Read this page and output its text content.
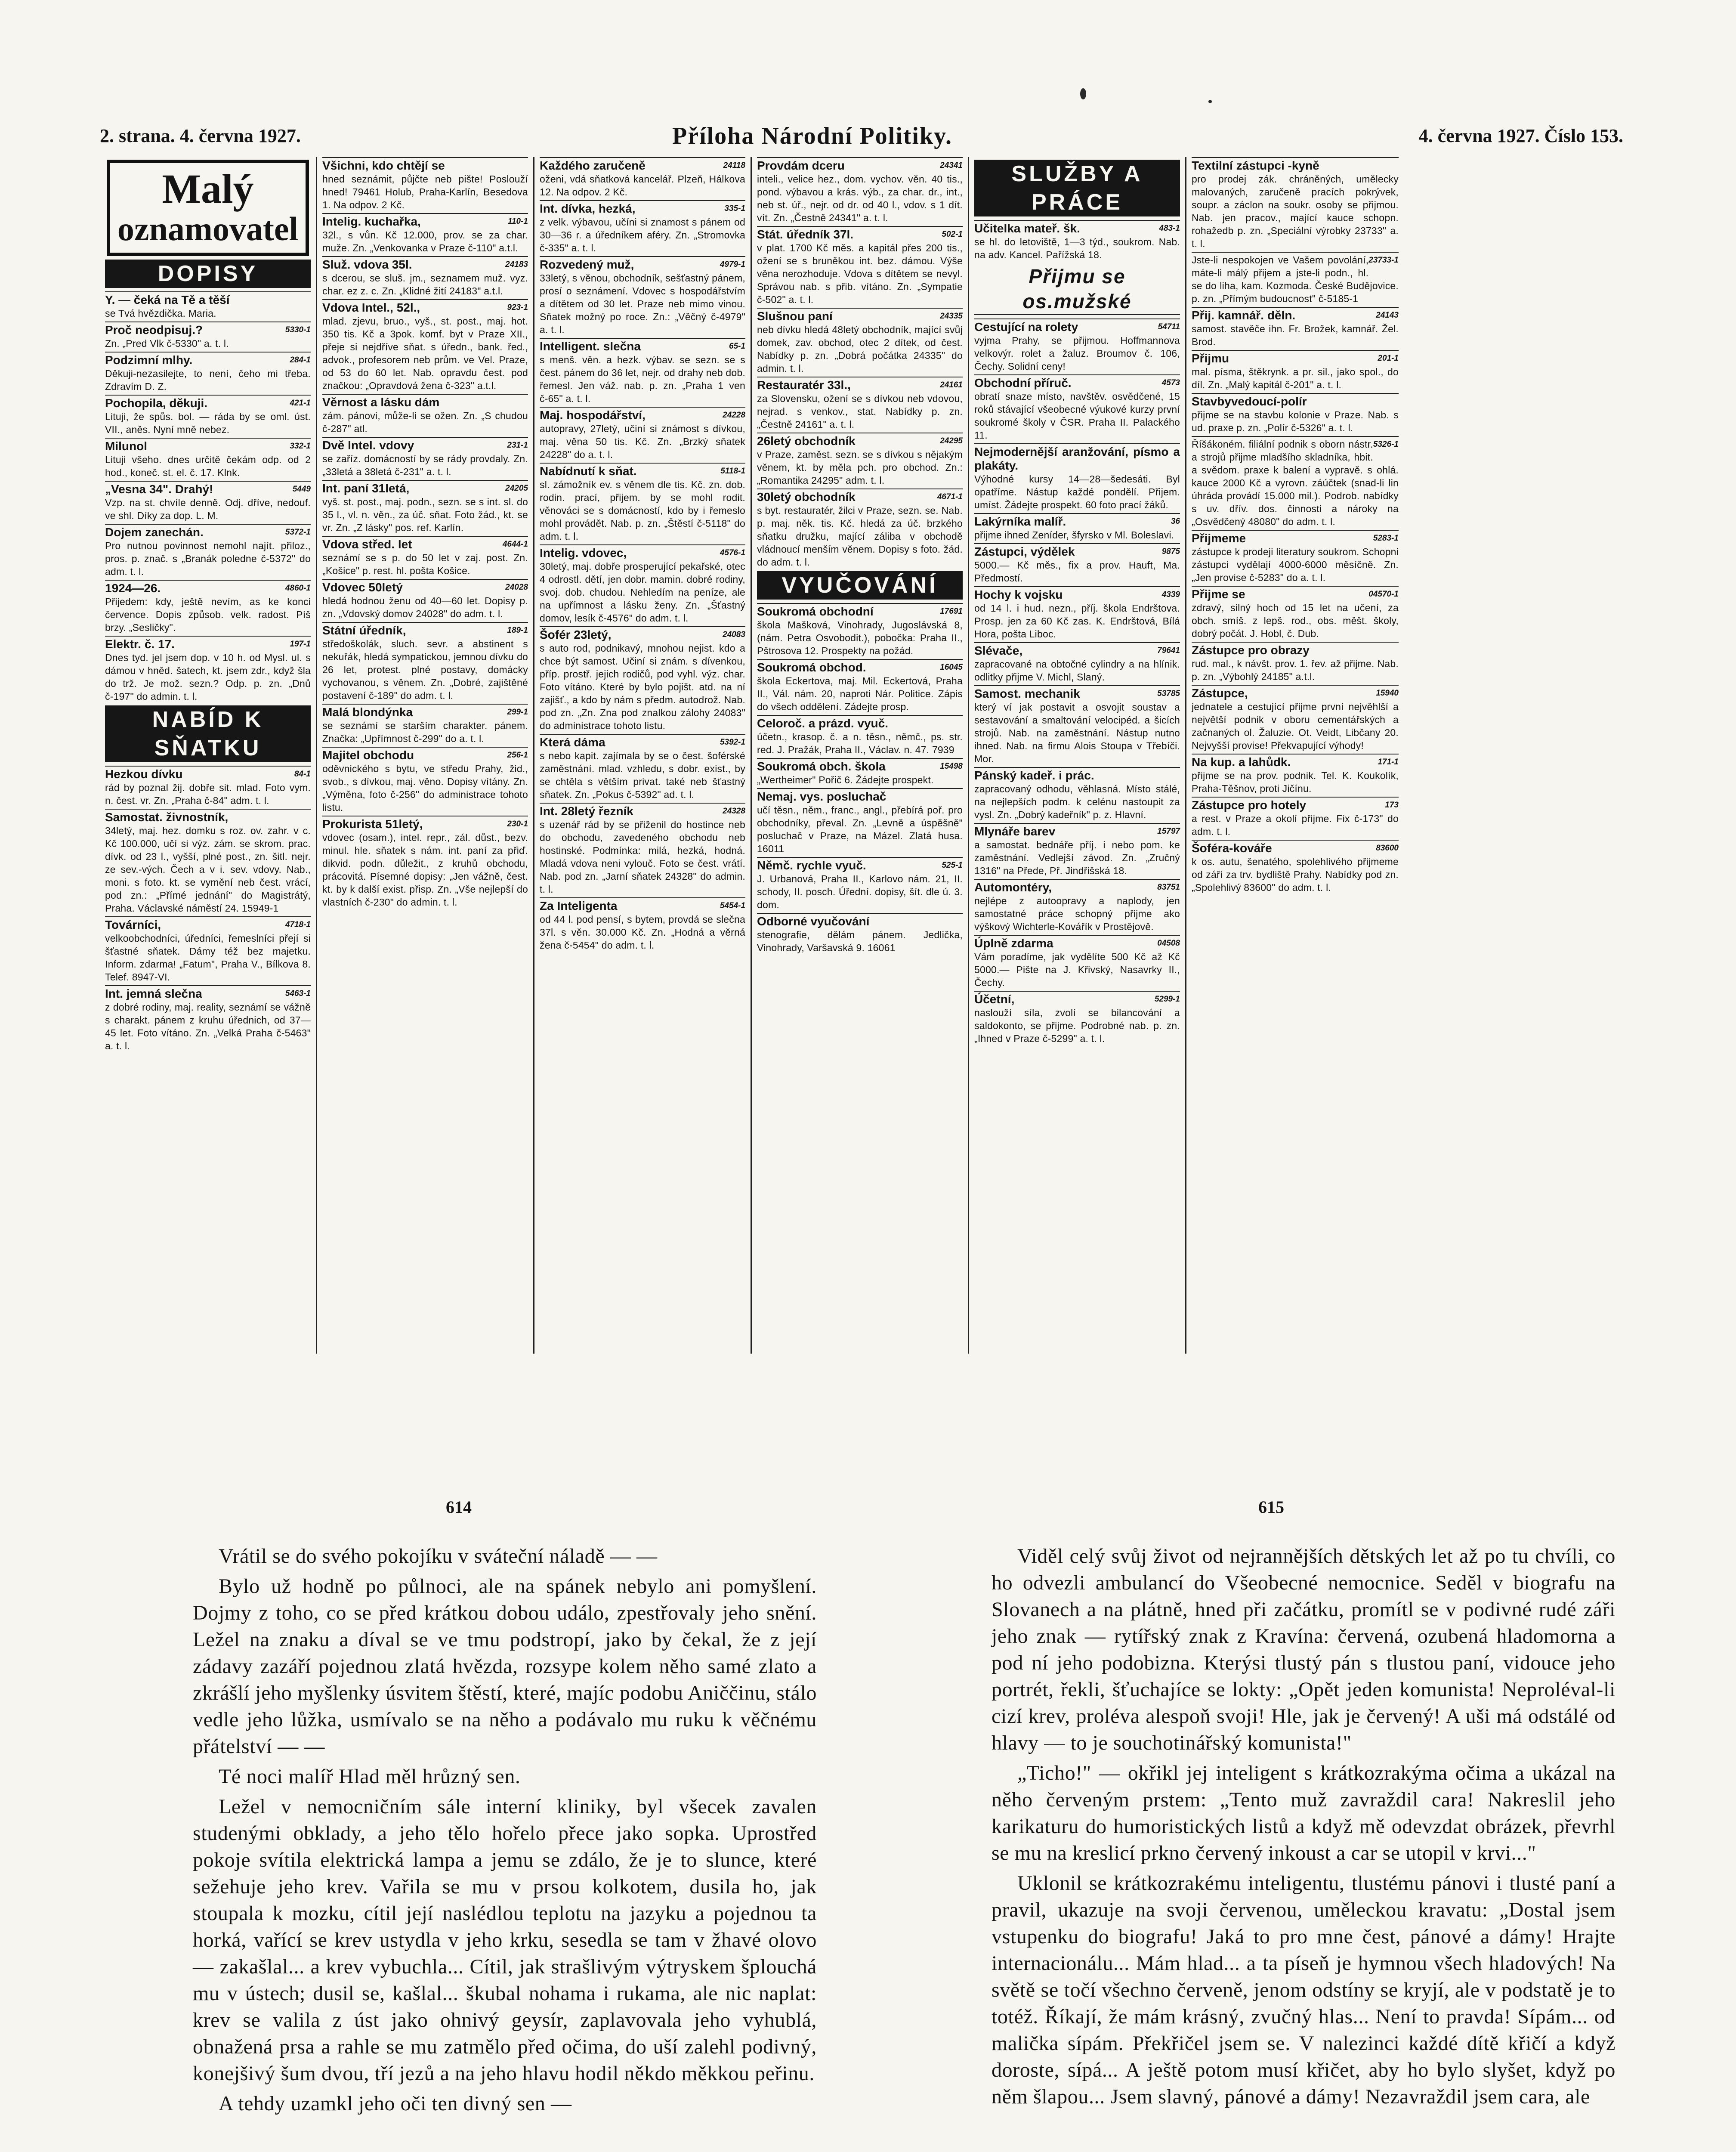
2. strana. 4. června 1927.	Příloha Národní Politiky.	4. června 1927. Číslo 153.
Malý
oznamovatel
DOPISY
Y. — čeká na Tě a těší
se Tvá hvězdička. Maria.
Proč neodpisuj.?	5330-1
Zn. „Pred Vlk č-5330" a. t. l.
Podzimní mlhy.	284-1
Děkuji-nezasilejte, to není, čeho mi třeba. Zdravím D. Z.
Pochopila, děkuji.	421-1
Lituji, že spůs. bol. — ráda by se oml. úst. VII., aněs. Nyní mně nebez.
Milunol	332-1
Lituji všeho. dnes určitě čekám odp. od 2 hod., koneč. st. el. č. 17. Klnk.
„Vesna 34". Drahý!	5449
Vzp. na st. chvíle denně. Odj. dříve, nedouf. ve shl. Díky za dop. L. M.
Dojem zanechán.	5372-1
Pro nutnou povinnost nemohl najít. přiloz., pros. p. znač. s „Branák poledne č-5372" do adm. t. l.
1924—26.	4860-1
Přijedem: kdy, ještě nevím, as ke konci července. Dopis způsob. velk. radost. Píš brzy. „Sesličky".
Elektr. č. 17.	197-1
Dnes tyd. jel jsem dop. v 10 h. od Mysl. ul. s dámou v hněd. šatech, kt. jsem zdr., když šla do trž. Je mož. sezn.? Odp. p. zn. „Dnů č-197" do admin. t. l.
NABÍD K SŇATKU
Hezkou dívku	84-1
rád by poznal žij. dobře sit. mlad. Foto vym. n. čest. vr. Zn. „Praha č-84" adm. t. l.
Samostat. živnostník,
34letý, maj. hez. domku s roz. ov. zahr. v c. Kč 100.000, učí si výz. zám. se skrom. prac. dívk. od 23 l., vyšší, plné post., zn. šitl. nejr. ze sev.-vých. Čech a v i. sev. vdovy. Nab., moni. s foto. kt. se vymění neb čest. vrácí, pod zn.: „Přímé jednání" do Magistrátý, Praha. Václavské náměstí 24. 15949-1
Továrníci,	4718-1
velkoobchodníci, úředníci, řemeslníci přejí si šťastné sňatek. Dámy též bez majetku. Inform. zdarma! „Fatum", Praha V., Bílkova 8. Telef. 8947-VI.
Int. jemná slečna	5463-1
z dobré rodiny, maj. reality, seznámí se vážně s charakt. pánem z kruhu úřednich, od 37—45 let. Foto vítáno. Zn. „Velká Praha č-5463" a. t. l.
Všichni, kdo chtějí se
hned seznámit, půjčte neb pište! Poslouží hned! 79461 Holub, Praha-Karlín, Besedova 1. Na odpov. 2 Kč.
Intelig. kuchařka,	110-1
32l., s vůn. Kč 12.000, prov. se za char. muže. Zn. „Venkovanka v Praze č-110" a.t.l.
Služ. vdova 35l.	24183
s dcerou, se sluš. jm., seznamem muž. vyz. char. ez z. c. Zn. „Klidné žití 24183" a.t.l.
Vdova Intel., 52l.,	923-1
mlad. zjevu, bruo., vyš., st. post., maj. hot. 350 tis. Kč a 3pok. komf. byt v Praze XII., přeje si nejdříve sňat. s úředn., bank. řed., advok., profesorem neb prům. ve Vel. Praze, od 53 do 60 let. Nab. opravdu čest. pod značkou: „Opravdová žena č-323" a.t.l.
Věrnost a lásku dám
zám. pánovi, může-li se ožen. Zn. „S chudou č-287" atl.
Dvě Intel. vdovy	231-1
se zaříz. domácností by se rády provdaly. Zn. „33letá a 38letá č-231" a. t. l.
Int. paní 31letá,	24205
vyš. st. post., maj. podn., sezn. se s int. sl. do 35 l., vl. n. věn., za úč. sňat. Foto žád., kt. se vr. Zn. „Z lásky" pos. ref. Karlín.
Vdova střed. let	4644-1
seznámí se s p. do 50 let v zaj. post. Zn. „Košice" p. rest. hl. pošta Košice.
Vdovec 50letý	24028
hledá hodnou ženu od 40—60 let. Dopisy p. zn. „Vdovský domov 24028" do adm. t. l.
Státní úředník,	189-1
středoškolák, sluch. sevr. a abstinent s nekuřák, hledá sympatickou, jemnou dívku do 26 let, protest. plné postavy, domácky vychovanou, s věnem. Zn. „Dobré, zajištěné postavení č-189" do adm. t. l.
Malá blondýnka	299-1
se seznámí se starším charakter. pánem. Značka: „Upřímnost č-299" do a. t. l.
Majitel obchodu	256-1
oděvnického s bytu, ve středu Prahy, žid., svob., s dívkou, maj. věno. Dopisy vítány. Zn. „Výměna, foto č-256" do administrace tohoto listu.
Prokurista 51letý,	230-1
vdovec (osam.), intel. repr., zál. důst., bezv. minul. hle. sňatek s nám. int. paní za přiď. dikvid. podn. důležit., z kruhů obchodu, prácovitá. Písemné dopisy: „Jen vážně, čest. kt. by k další exist. přisp. Zn. „Vše nejlepší do vlastních č-230" do admin. t. l.
Každého zaručeně	24118
oženi, vdá sňatková kancelář. Plzeň, Hálkova 12. Na odpov. 2 Kč.
Int. dívka, hezká,	335-1
z velk. výbavou, učíni si znamost s pánem od 30—36 r. a úředníkem aféry. Zn. „Stromovka č-335" a. t. l.
Rozvedený muž,	4979-1
33letý, s věnou, obchodník, sešťastný pánem, prosí o seznámení. Vdovec s hospodářstvím a dítětem od 30 let. Praze neb mimo vinou. Sňatek možný po roce. Zn.: „Věčný č-4979" a. t. l.
Intelligent. slečna	65-1
s menš. věn. a hezk. výbav. se sezn. se s čest. pánem do 36 let, nejr. od drahy neb dob. řemesl. Jen váž. nab. p. zn. „Praha 1 ven č-65" a. t. l.
Maj. hospodářství,	24228
autopravy, 27letý, učiní si známost s dívkou, maj. věna 50 tis. Kč. Zn. „Brzký sňatek 24228" do a. t. l.
Nabídnutí k sňat.	5118-1
sl. zámožník ev. s věnem dle tis. Kč. zn. dob. rodin. prací, přijem. by se mohl rodit. věnováci se s domácností, kdo by i řemeslo mohl provádět. Nab. p. zn. „Štěstí č-5118" do adm. t. l.
Intelig. vdovec,	4576-1
30letý, maj. dobře prosperující pekařské, otec 4 odrostl. dětí, jen dobr. mamin. dobré rodiny, svoj. dob. chudou. Nehledím na peníze, ale na upřímnost a lásku ženy. Zn. „Šťastný domov, lesík č-4576" do adm. t. l.
Šofér 23letý,	24083
s auto rod, podnikavý, mnohou nejist. kdo a chce být samost. Učiní si znám. s dívenkou, příp. prostř. jejich rodičů, pod vyhl. výz. char. Foto vítáno. Které by bylo pojišt. atd. na ní zajišť., a kdo by nám s předm. autodrož. Nab. pod zn. „Zn. Zna pod znalkou zálohy 24083" do administrace tohoto listu.
Která dáma	5392-1
s nebo kapit. zajímala by se o čest. šoférské zaměstnání. mlad. vzhledu, s dobr. exist., by se chtěla s větším privat. také neb šťastný sňatek. Zn. „Pokus č-5392" ad. t. l.
Int. 28letý řezník	24328
s uzenář rád by se přiženil do hostince neb do obchodu, zavedeného obchodu neb hostinské. Podmínka: milá, hezká, hodná. Mladá vdova neni vylouč. Foto se čest. vrátí. Nab. pod zn. „Jarní sňatek 24328" do admin. t. l.
Za Inteligenta	5454-1
od 44 l. pod pensí, s bytem, provdá se slečna 37l. s věn. 30.000 Kč. Zn. „Hodná a věrná žena č-5454" do adm. t. l.
Provdám dceru	24341
inteli., velice hez., dom. vychov. věn. 40 tis., pond. výbavou a krás. výb., za char. dr., int., neb st. úř., nejr. od dr. od 40 l., vdov. s 1 dít. vít. Zn. „Čestně 24341" a. t. l.
Stát. úředník 37l.	502-1
v plat. 1700 Kč měs. a kapitál přes 200 tis., ožení se s bruněkou int. bez. dámou. Výše věna nerozhoduje. Vdova s dítětem se nevyl. Správou nab. s přib. vítáno. Zn. „Sympatie č-502" a. t. l.
Slušnou paní	24335
neb dívku hledá 48letý obchodník, mající svůj domek, zav. obchod, otec 2 dítek, od čest. Nabídky p. zn. „Dobrá počátka 24335" do admin. t. l.
Restauratér 33l.,	24161
za Slovensku, ožení se s dívkou neb vdovou, nejrad. s venkov., stat. Nabídky p. zn. „Čestně 24161" a. t. l.
26letý obchodník	24295
v Praze, zaměst. sezn. se s dívkou s nějakým věnem, kt. by měla pch. pro obchod. Zn.: „Romantika 24295" adm. t. l.
30letý obchodník	4671-1
s byt. restauratér, žilci v Praze, sezn. se. Nab. p. maj. něk. tis. Kč. hledá za úč. brzkého sňatku družku, mající záliba v obchodě vládnoucí menším věnem. Dopisy s foto. žád. do adm. t. l.
VYUČOVÁNÍ
Soukromá obchodní	17691
škola Mašková, Vinohrady, Jugoslávská 8, (nám. Petra Osvobodit.), pobočka: Praha II., Pštrosova 12. Prospekty na požád.
Soukromá obchod.	16045
škola Eckertova, maj. Mil. Eckertová, Praha II., Vál. nám. 20, naproti Nár. Politice. Zápis do všech oddělení. Zádejte prosp.
Celoroč. a prázd. vyuč.
účetn., krasop. č. a n. těsn., němč., ps. str. red. J. Pražák, Praha II., Václav. n. 47. 7939
Soukromá obch. škola	15498
„Wertheimer" Pořič 6. Žádejte prospekt.
Nemaj. vys. posluchač
učí těsn., něm., franc., angl., přebírá poř. pro obchodníky, převal. Zn. „Levně a úspěšně" posluchač v Praze, na Mázel. Zlatá husa. 16011
Němč. rychle vyuč.	525-1
J. Urbanová, Praha II., Karlovo nám. 21, II. schody, II. posch. Úřední. dopisy, šít. dle ú. 3. dom.
Odborné vyučování
stenografie, dělám pánem. Jedlička, Vinohrady, Varšavská 9. 16061
SLUŽBY A PRÁCE
Učitelka mateř. šk.	483-1
se hl. do letoviště, 1—3 týd., soukrom. Nab. na adv. Kancel. Pařížská 18.
Přijmu se os.mužské
Cestující na rolety	54711
vyjma Prahy, se přijmou. Hoffmannova velkovýr. rolet a žaluz. Broumov č. 106, Čechy. Solidní ceny!
Obchodní příruč.	4573
obratí snaze místo, navštěv. osvědčené, 15 roků stávající všeobecné výukové kurzy první soukromé školy v ČSR. Praha II. Palackého 11.
Nejmodernější aranžování, písmo a plakáty.
Výhodné kursy 14—28—šedesáti. Byl opatříme. Nástup každé pondělí. Přijem. umíst. Žádejte prospekt. 60 foto prací žáků.
Lakýrníka malíř.	36
přijme ihned Zeníder, šfyrsko v Ml. Boleslavi.
Zástupci, výdělek	9875
5000.— Kč měs., fix a prov. Hauft, Ma. Předmostí.
Hochy k vojsku	4339
od 14 l. i hud. nezn., příj. škola Endrštova. Prosp. jen za 60 Kč zas. K. Endrštová, Bílá Hora, pošta Liboc.
Slévače,	79641
zapracované na obtočné cylindry a na hlínik. odlitky přijme V. Michl, Slaný.
Samost. mechanik	53785
který ví jak postavit a osvojit soustav a sestavování a smaltování velocipéd. a šicích strojů. Nab. na zaměstnání. Nástup nutno ihned. Nab. na firmu Alois Stoupa v Třebíči. Mor.
Pánský kadeř. i prác.
zapracovaný odhodu, věhlasná. Místo stálé, na nejlepších podm. k celénu nastoupit za vysl. Zn. „Dobrý kadeřník" p. z. Hlavní.
Mlynáře barev	15797
a samostat. bednáře příj. i nebo pom. ke zaměstnání. Vedlejší závod. Zn. „Zručný 1316" na Přede, Př. Jindřišská 18.
Automontéry,	83751
nejlépe z autoopravy a naplody, jen samostatné práce schopný přijme ako výškový Wichterle-Kovářík v Prostějově.
Úplně zdarma	04508
Vám poradíme, jak vydělíte 500 Kč až Kč 5000.— Pište na J. Křivský, Nasavrky II., Čechy.
Účetní,	5299-1
naslouží síla, zvolí se bilancování a saldokonto, se přijme. Podrobné nab. p. zn. „Ihned v Praze č-5299" a. t. l.
Textilní zástupci -kyně
pro prodej zák. chráněných, umělecky malovaných, zaručeně pracích pokrývek, soupr. a záclon na soukr. osoby se přijmou. Nab. jen pracov., mající kauce schopn. rohažedb p. zn. „Speciální výrobky 23733" a. t. l.
23733-1
Jste-li nespokojen ve Vašem povolání, máte-li málý přijem a jste-li podn., hl. se do liha, kam. Kozmoda. České Budějovice. p. zn. „Přímým budoucnost" č-5185-1
Přij. kamnář. děln.	24143
samost. stavěče ihn. Fr. Brožek, kamnář. Žel. Brod.
Přijmu	201-1
mal. písma, štěkrynk. a pr. sil., jako spol., do díl. Zn. „Malý kapitál č-201" a. t. l.
Stavbyvedoucí-polír
přijme se na stavbu kolonie v Praze. Nab. s ud. praxe p. zn. „Polír č-5326" a. t. l.
5326-1
Říšákoném. filiální podnik s oborn nástr. a strojů přijme mladšího skladníka, hbit. a svědom. praxe k balení a vypravě. s ohlá. kauce 2000 Kč a vyrovn. záúčtek (snad-li lin úhráda provádí 15.000 mil.). Podrob. nabídky s uv. dřív. dos. činnosti a nároky na „Osvědčený 48080" do adm. t. l.
Přijmeme	5283-1
zástupce k prodeji literatury soukrom. Schopni zástupci vydělají 4000-6000 měsíčně. Zn. „Jen provise č-5283" do a. t. l.
Přijme se	04570-1
zdravý, silný hoch od 15 let na učení, za obch. smíš. z lepš. rod., obs. měšt. školy, dobrý počát. J. Hobl, č. Dub.
Zástupce pro obrazy
rud. mal., k návšt. prov. 1. řev. až přijme. Nab. p. zn. „Výbohlý 24185" a.t.l.
Zástupce,	15940
jednatele a cestující přijme první nejvěhlší a největší podnik v oboru cementářských a začnaných ol. Žaluzie. Ot. Veidt, Libčany 20. Nejvyšší provise! Překvapující výhody!
Na kup. a lahůdk.	171-1
přijme se na prov. podnik. Tel. K. Koukolík, Praha-Těšnov, proti Jičínu.
Zástupce pro hotely	173
a rest. v Praze a okolí přijme. Fix č-173" do adm. t. l.
Šoféra-kováře	83600
k os. autu, šenatého, spolehlivého přijmeme od září za trv. bydliště Prahy. Nabídky pod zn. „Spolehlivý 83600" do adm. t. l.
614	615

Vrátil se do svého pokojíku v sváteční náladě — —

Bylo už hodně po půlnoci, ale na spánek nebylo ani pomyšlení. Dojmy z toho, co se před krátkou dobou událo, zpestřovaly jeho snění. Ležel na znaku a díval se ve tmu podstropí, jako by čekal, že z její zádavy zazáří pojednou zlatá hvězda, rozsype kolem něho samé zlato a zkrášlí jeho myšlenky úsvitem štěstí, které, majíc podobu Aniččinu, stálo vedle jeho lůžka, usmívalo se na něho a podávalo mu ruku k věčnému přátelství — —

Té noci malíř Hlad měl hrůzný sen.

Ležel v nemocničním sále interní kliniky, byl všecek zavalen studenými obklady, a jeho tělo hořelo přece jako sopka. Uprostřed pokoje svítila elektrická lampa a jemu se zdálo, že je to slunce, které sežehuje jeho krev. Vařila se mu v prsou kolkotem, dusila ho, jak stoupala k mozku, cítil její naslédlou teplotu na jazyku a pojednou ta horká, vařící se krev ustydla v jeho krku, sesedla se tam v žhavé olovo — zakašlal... a krev vybuchla... Cítil, jak strašlivým výtryskem šplouchá mu v ústech; dusil se, kašlal... škubal nohama i rukama, ale nic naplat: krev se valila z úst jako ohnivý geysír, zaplavovala jeho vyhublá, obnažená prsa a rahle se mu zatmělo před očima, do uší zalehl podivný, konejšivý šum dvou, tří jezů a na jeho hlavu hodil někdo měkkou peřinu.

A tehdy uzamkl jeho oči ten divný sen —

Viděl celý svůj život od nejrannějších dětských let až po tu chvíli, co ho odvezli ambulancí do Všeobecné nemocnice. Seděl v biografu na Slovanech a na plátně, hned při začátku, promítl se v podivné rudé záři jeho znak — rytířský znak z Kravína: červená, ozubená hladomorna a pod ní jeho podobizna. Kterýsi tlustý pán s tlustou paní, vidouce jeho portrét, řekli, šťuchajíce se lokty: „Opět jeden komunista! Neproléval-li cizí krev, proléva alespoň svoji! Hle, jak je červený! A uši má odstálé od hlavy — to je souchotinářský komunista!"

„Ticho!" — okřikl jej inteligent s krátkozrakýma očima a ukázal na něho červeným prstem: „Tento muž zavraždil cara! Nakreslil jeho karikaturu do humoristických listů a když mě odevzdat obrázek, převrhl se mu na kreslicí prkno červený inkoust a car se utopil v krvi..."

Uklonil se krátkozrakému inteligentu, tlustému pánovi i tlusté paní a pravil, ukazuje na svoji červenou, uměleckou kravatu: „Dostal jsem vstupenku do biografu! Jaká to pro mne čest, pánové a dámy! Hrajte internacionálu... Mám hlad... a ta píseň je hymnou všech hladových! Na světě se točí všechno červeně, jenom odstíny se kryjí, ale v podstatě je to totéž. Říkají, že mám krásný, zvučný hlas... Není to pravda! Sípám... od malička sípám. Překřičel jsem se. V nalezinci každé dítě křičí a když doroste, sípá... A ještě potom musí křičet, aby ho bylo slyšet, když po něm šlapou... Jsem slavný, pánové a dámy! Nezavraždil jsem cara, ale
